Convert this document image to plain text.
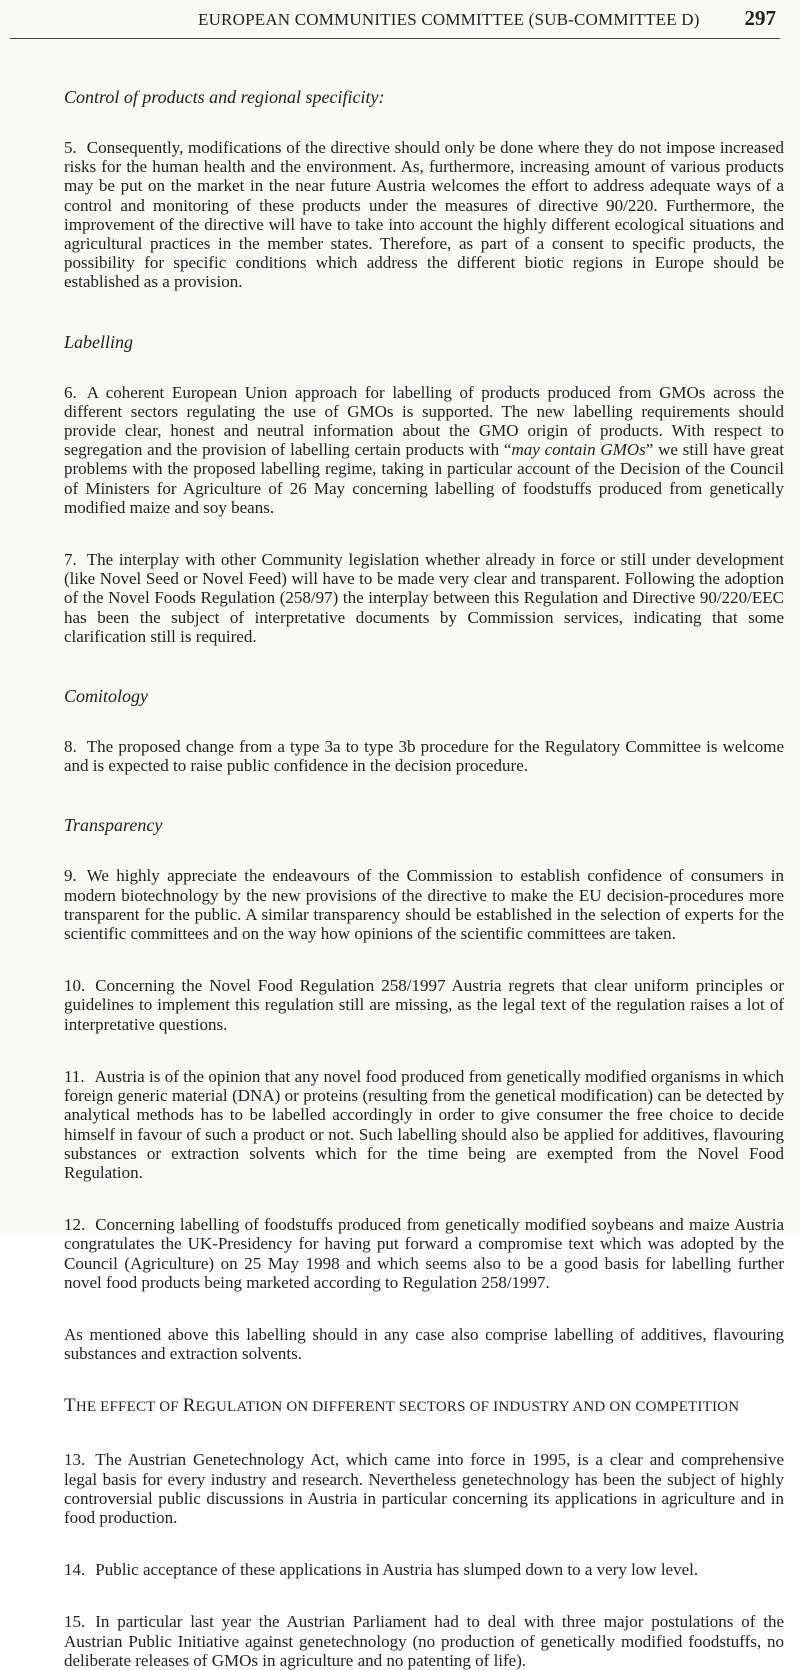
EUROPEAN COMMUNITIES COMMITTEE (SUB-COMMITTEE D) 297

Control of products and regional specificity:

5. Consequently, modifications of the directive should only be done where they do not impose increased risks for the human health and the environment. As, furthermore, increasing amount of various products may be put on the market in the near future Austria welcomes the effort to address adequate ways of a control and monitoring of these products under the measures of directive 90/220. Furthermore, the improvement of the directive will have to take into account the highly different ecological situations and agricultural practices in the member states. Therefore, as part of a consent to specific products, the possibility for specific conditions which address the different biotic regions in Europe should be established as a provision.

Labelling

6. A coherent European Union approach for labelling of products produced from GMOs across the different sectors regulating the use of GMOs is supported. The new labelling requirements should provide clear, honest and neutral information about the GMO origin of products. With respect to segregation and the provision of labelling certain products with “may contain GMOs” we still have great problems with the proposed labelling regime, taking in particular account of the Decision of the Council of Ministers for Agriculture of 26 May concerning labelling of foodstuffs produced from genetically modified maize and soy beans.

7. The interplay with other Community legislation whether already in force or still under development (like Novel Seed or Novel Feed) will have to be made very clear and transparent. Following the adoption of the Novel Foods Regulation (258/97) the interplay between this Regulation and Directive 90/220/EEC has been the subject of interpretative documents by Commission services, indicating that some clarification still is required.

Comitology

8. The proposed change from a type 3a to type 3b procedure for the Regulatory Committee is welcome and is expected to raise public confidence in the decision procedure.

Transparency

9. We highly appreciate the endeavours of the Commission to establish confidence of consumers in modern biotechnology by the new provisions of the directive to make the EU decision-procedures more transparent for the public. A similar transparency should be established in the selection of experts for the scientific committees and on the way how opinions of the scientific committees are taken.

10. Concerning the Novel Food Regulation 258/1997 Austria regrets that clear uniform principles or guidelines to implement this regulation still are missing, as the legal text of the regulation raises a lot of interpretative questions.

11. Austria is of the opinion that any novel food produced from genetically modified organisms in which foreign generic material (DNA) or proteins (resulting from the genetical modification) can be detected by analytical methods has to be labelled accordingly in order to give consumer the free choice to decide himself in favour of such a product or not. Such labelling should also be applied for additives, flavouring substances or extraction solvents which for the time being are exempted from the Novel Food Regulation.

12. Concerning labelling of foodstuffs produced from genetically modified soybeans and maize Austria congratulates the UK-Presidency for having put forward a compromise text which was adopted by the Council (Agriculture) on 25 May 1998 and which seems also to be a good basis for labelling further novel food products being marketed according to Regulation 258/1997.

As mentioned above this labelling should in any case also comprise labelling of additives, flavouring substances and extraction solvents.

THE EFFECT OF REGULATION ON DIFFERENT SECTORS OF INDUSTRY AND ON COMPETITION

13. The Austrian Genetechnology Act, which came into force in 1995, is a clear and comprehensive legal basis for every industry and research. Nevertheless genetechnology has been the subject of highly controversial public discussions in Austria in particular concerning its applications in agriculture and in food production.

14. Public acceptance of these applications in Austria has slumped down to a very low level.

15. In particular last year the Austrian Parliament had to deal with three major postulations of the Austrian Public Initiative against genetechnology (no production of genetically modified foodstuffs, no deliberate releases of GMOs in agriculture and no patenting of life).
